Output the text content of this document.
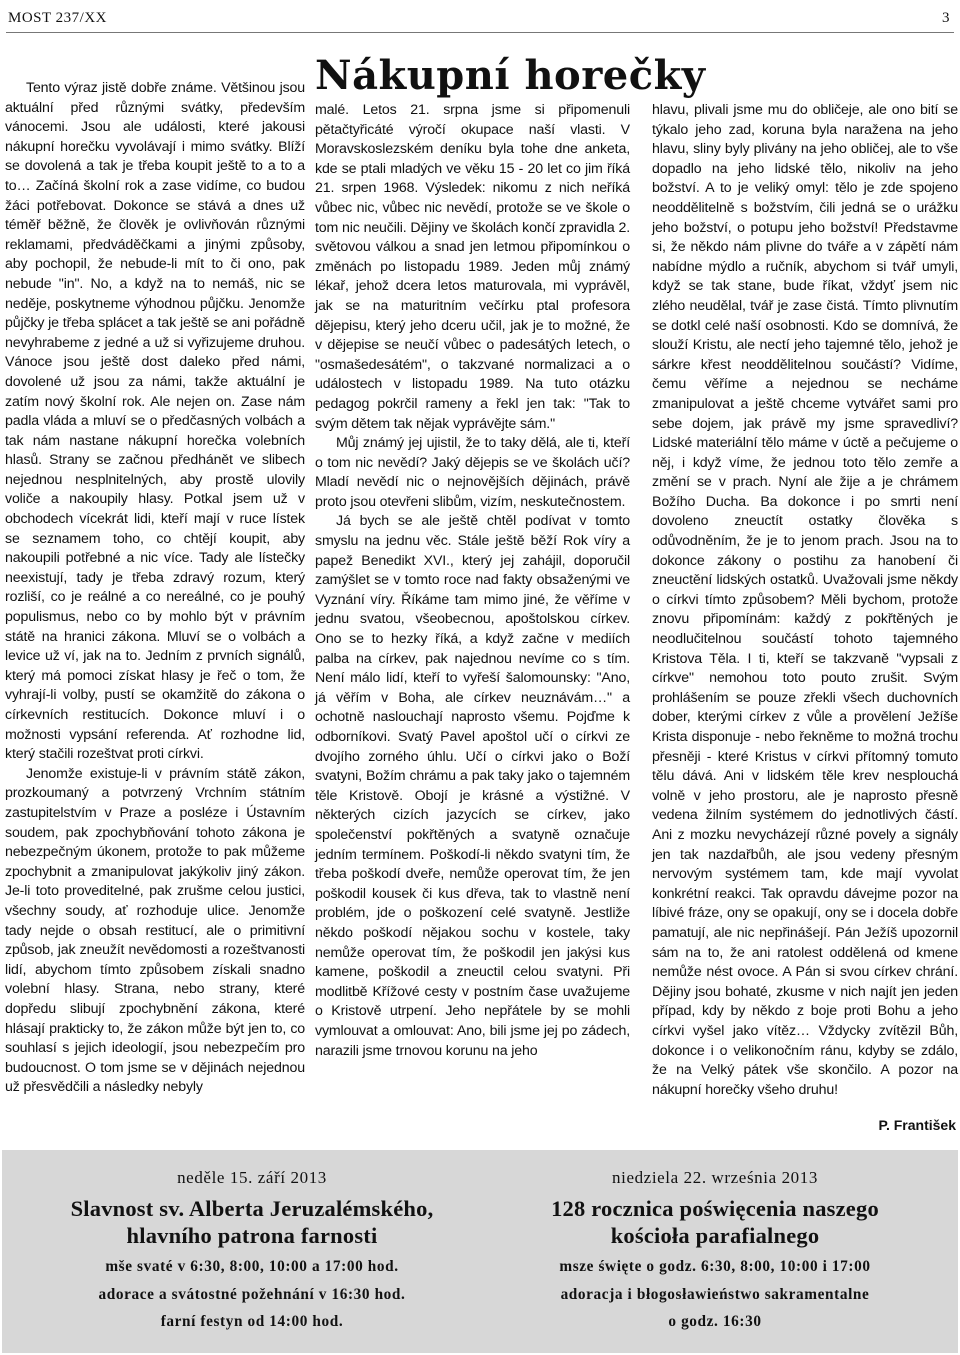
MOST 237/XX	3
Nákupní horečky

Tento výraz jistě dobře známe. Většinou jsou aktuální před různými svátky, především vánocemi. Jsou ale události, které jakousi nákupní horečku vyvolávají i mimo svátky. Blíží se dovolená a tak je třeba koupit ještě to a to a to… Začíná školní rok a zase vidíme, co budou žáci potřebovat. Dokonce se stává a dnes už téměř běžně, že člověk je ovlivňován různými reklamami, předváděčkami a jinými způsoby, aby pochopil, že nebude-li mít to či ono, pak nebude "in". No, a když na to nemáš, nic se neděje, poskytneme výhodnou půjčku. Jenomže půjčky je třeba splácet a tak ještě se ani pořádně nevyhrabeme z jedné a už si vyřizujeme druhou. Vánoce jsou ještě dost daleko před námi, dovolené už jsou za námi, takže aktuální je zatím nový školní rok. Ale nejen on. Zase nám padla vláda a mluví se o předčasných volbách a tak nám nastane nákupní horečka volebních hlasů. Strany se začnou předhánět ve slibech nejednou nesplnitelných, aby prostě ulovily voliče a nakoupily hlasy. Potkal jsem už v obchodech vícekrát lidi, kteří mají v ruce lístek se seznamem toho, co chtějí koupit, aby nakoupili potřebné a nic více. Tady ale lístečky neexistují, tady je třeba zdravý rozum, který rozliší, co je reálné a co nereálné, co je pouhý populismus, nebo co by mohlo být v právním státě na hranici zákona. Mluví se o volbách a levice už ví, jak na to. Jedním z prvních signálů, který má pomoci získat hlasy je řeč o tom, že vyhrají-li volby, pustí se okamžitě do zákona o církevních restitucích. Dokonce mluví i o možnosti vypsání referenda. Ať rozhodne lid, který stačili rozeštvat proti církvi.

Jenomže existuje-li v právním státě zákon, prozkoumaný a potvrzený Vrchním státním zastupitelstvím v Praze a posléze i Ústavním soudem, pak zpochybňování tohoto zákona je nebezpečným úkonem, protože to pak můžeme zpochybnit a zmanipulovat jakýkoliv jiný zákon. Je-li toto proveditelné, pak zrušme celou justici, všechny soudy, ať rozhoduje ulice. Jenomže tady nejde o obsah restitucí, ale o primitivní způsob, jak zneužít nevědomosti a rozeštvanosti lidí, abychom tímto způsobem získali snadno volební hlasy. Strana, nebo strany, které dopředu slibují zpochybnění zákona, které hlásají prakticky to, že zákon může být jen to, co souhlasí s jejich ideologií, jsou nebezpečím pro budoucnost. O tom jsme se v dějinách nejednou už přesvědčili a následky nebyly

malé. Letos 21. srpna jsme si připomenuli pětačtyřicáté výročí okupace naší vlasti. V Moravskoslezském deníku byla tohe dne anketa, kde se ptali mladých ve věku 15 - 20 let co jim říká 21. srpen 1968. Výsledek: nikomu z nich neříká vůbec nic, vůbec nic nevědí, protože se ve škole o tom nic neučili. Dějiny ve školách končí zpravidla 2. světovou válkou a snad jen letmou připomínkou o změnách po listopadu 1989. Jeden můj známý lékař, jehož dcera letos maturovala, mi vyprávěl, jak se na maturitním večírku ptal profesora dějepisu, který jeho dceru učil, jak je to možné, že v dějepise se neučí vůbec o padesátých letech, o "osmašedesátém", o takzvané normalizaci a o událostech v listopadu 1989. Na tuto otázku pedagog pokrčil rameny a řekl jen tak: "Tak to svým dětem tak nějak vyprávějte sám."

Můj známý jej ujistil, že to taky dělá, ale ti, kteří o tom nic nevědí? Jaký dějepis se ve školách učí? Mladí nevědí nic o nejnovějších dějinách, právě proto jsou otevřeni slibům, vizím, neskutečnostem.

Já bych se ale ještě chtěl podívat v tomto smyslu na jednu věc. Stále ještě běží Rok víry a papež Benedikt XVI., který jej zahájil, doporučil zamýšlet se v tomto roce nad fakty obsaženými ve Vyznání víry. Říkáme tam mimo jiné, že věříme v jednu svatou, všeobecnou, apoštolskou církev. Ono se to hezky říká, a když začne v mediích palba na církev, pak najednou nevíme co s tím. Není málo lidí, kteří to vyřeší šalomounsky: "Ano, já věřím v Boha, ale církev neuznávám…" a ochotně naslouchají naprosto všemu. Pojďme k odborníkovi. Svatý Pavel apoštol učí o církvi ze dvojího zorného úhlu. Učí o církvi jako o Boží svatyni, Božím chrámu a pak taky jako o tajemném těle Kristově. Obojí je krásné a výstižné. V některých cizích jazycích se církev, jako společenství pokřtěných a svatyně označuje jedním termínem. Poškodí-li někdo svatyni tím, že třeba poškodí dveře, nemůže operovat tím, že jen poškodil kousek či kus dřeva, tak to vlastně není problém, jde o poškození celé svatyně. Jestliže někdo poškodí nějakou sochu v kostele, taky nemůže operovat tím, že poškodil jen jakýsi kus kamene, poškodil a zneuctil celou svatyni. Při modlitbě Křížové cesty v postním čase uvažujeme o Kristově utrpení. Jeho nepřátele by se mohli vymlouvat a omlouvat: Ano, bili jsme jej po zádech, narazili jsme trnovou korunu na jeho

hlavu, plivali jsme mu do obličeje, ale ono bití se týkalo jeho zad, koruna byla naražena na jeho hlavu, sliny byly plivány na jeho obličej, ale to vše dopadlo na jeho lidské tělo, nikoliv na jeho božství. A to je veliký omyl: tělo je zde spojeno neoddělitelně s božstvím, čili jedná se o urážku jeho božství, o potupu jeho božství! Představme si, že někdo nám plivne do tváře a v zápětí nám nabídne mýdlo a ručník, abychom si tvář umyli, když se tak stane, bude říkat, vždyť jsem nic zlého neudělal, tvář je zase čistá. Tímto plivnutím se dotkl celé naší osobnosti. Kdo se domnívá, že slouží Kristu, ale nectí jeho tajemné tělo, jehož je sárkre křest neoddělitelnou součástí? Vidíme, čemu věříme a nejednou se necháme zmanipulovat a ještě chceme vytvářet sami pro sebe dojem, jak právě my jsme spravedliví? Lidské materiální tělo máme v úctě a pečujeme o něj, i když víme, že jednou toto tělo zemře a změní se v prach. Nyní ale žije a je chrámem Božího Ducha. Ba dokonce i po smrti není dovoleno zneuctít ostatky člověka s odůvodněním, že je to jenom prach. Jsou na to dokonce zákony o postihu za hanobení či zneuctění lidských ostatků. Uvažovali jsme někdy o církvi tímto způsobem? Měli bychom, protože znovu připomínám: každý z pokřtěných je neodlučitelnou součástí tohoto tajemného Kristova Těla. I ti, kteří se takzvaně "vypsali z církve" nemohou toto pouto zrušit. Svým prohlášením se pouze zřekli všech duchovních dober, kterými církev z vůle a provělení Ježíše Krista disponuje - nebo řekněme to možná trochu přesněji - které Kristus v církvi přítomný tomuto tělu dává. Ani v lidském těle krev nesplouchá volně v jeho prostoru, ale je naprosto přesně vedena žilním systémem do jednotlivých částí. Ani z mozku nevycházejí různé povely a signály jen tak nazdařbůh, ale jsou vedeny přesným nervovým systémem tam, kde mají vyvolat konkrétní reakci. Tak opravdu dávejme pozor na líbivé fráze, ony se opakují, ony se i docela dobře pamatují, ale nic nepřinášejí. Pán Ježíš upozornil sám na to, že ani ratolest oddělená od kmene nemůže nést ovoce. A Pán si svou církev chrání. Dějiny jsou bohaté, zkusme v nich najít jen jeden případ, kdy by někdo z boje proti Bohu a jeho církvi vyšel jako vítěz… Vždycky zvítězil Bůh, dokonce i o velikonočním ránu, kdyby se zdálo, že na Velký pátek vše skončilo. A pozor na nákupní horečky všeho druhu!

P. František
neděle 15. září 2013
Slavnost sv. Alberta Jeruzalémského,
hlavního patrona farnosti
mše svaté v 6:30, 8:00, 10:00 a 17:00 hod.
adorace a svátostné požehnání v 16:30 hod.
farní festyn od 14:00 hod.
niedziela 22. września 2013
128 rocznica poświęcenia naszego
kościoła parafialnego
msze święte o godz. 6:30, 8:00, 10:00 i 17:00
adoracja i błogosławieństwo sakramentalne
o godz. 16:30
